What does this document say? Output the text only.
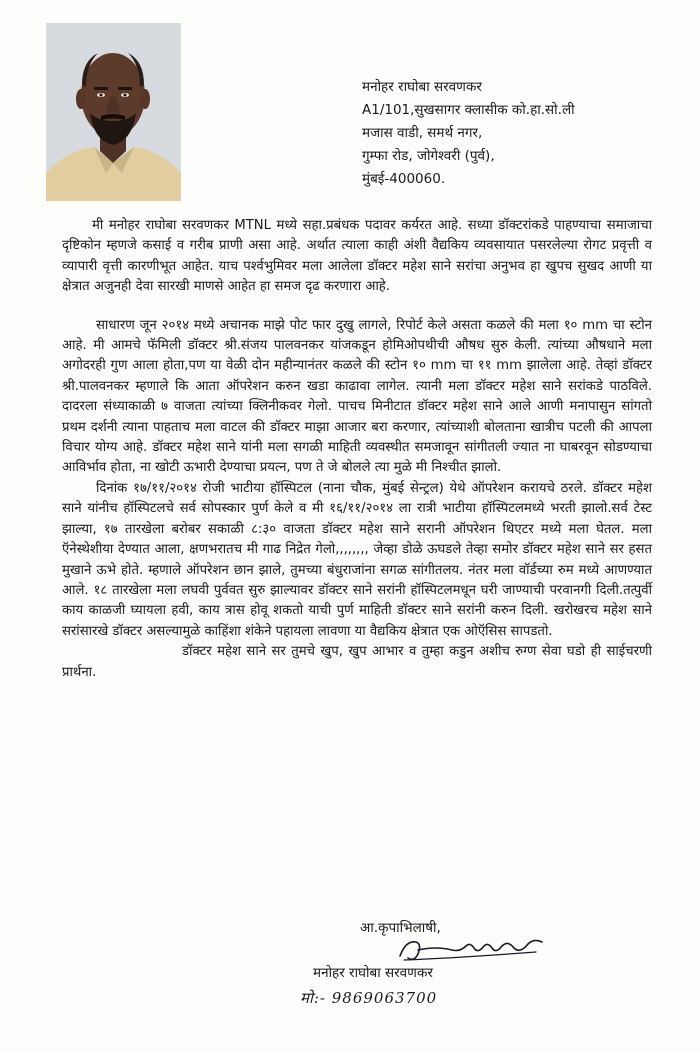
मनोहर राघोबा सरवणकर
A1/101,सुखसागर क्लासीक को.हा.सो.ली
मजास वाडी, समर्थ नगर,
गुम्फा रोड, जोगेश्वरी (पुर्व),
मुंबई-400060.

मी मनोहर राघोबा सरवणकर MTNL मध्ये सहा.प्रबंधक पदावर कर्यरत आहे. सध्या डॉक्टरांकडे पाहण्याचा समाजाचा दृष्टिकोन म्हणजे कसाई व गरीब प्राणी असा आहे. अर्थात त्याला काही अंशी वैद्यकिय व्यवसायात पसरलेल्या रोगट प्रवृत्ती व व्यापारी वृत्ती कारणीभूत आहेत. याच पर्श्वभुमिवर मला आलेला डॉक्टर महेश साने सरांचा अनुभव हा खुपच सुखद आणी या क्षेत्रात अजुनही देवा सारखी माणसे आहेत हा समज दृढ करणारा आहे.

साधारण जून २०१४ मध्ये अचानक माझे पोट फार दुखु लागले, रिपोर्ट केले असता कळले की मला १० mm चा स्टोन आहे. मी आमचे फॅमिली डॉक्टर श्री.संजय पालवनकर यांजकडून होमिओपथीची औषध सुरु केली. त्यांच्या औषधाने मला अगोदरही गुण आला होता,पण या वेळी दोन महीन्यानंतर कळले की स्टोन १० mm चा ११ mm झालेला आहे. तेव्हां डॉक्टर श्री.पालवनकर म्हणाले कि आता ऑपरेशन करुन खडा काढावा लागेल. त्यानी मला डॉक्टर महेश साने सरांकडे पाठविले. दादरला संध्याकाळी ७ वाजता त्यांच्या क्लिनीकवर गेलो. पाचच मिनीटात डॉक्टर महेश साने आले आणी मनापासुन सांगतो प्रथम दर्शनी त्याना पाहताच मला वाटल की डॉक्टर माझा आजार बरा करणार, त्यांच्याशी बोलताना खात्रीच पटली की आपला विचार योग्य आहे. डॉक्टर महेश साने यांनी मला सगळी माहिती व्यवस्थीत समजावून सांगीतली ज्यात ना घाबरवून सोडण्याचा आविर्भाव होता, ना खोटी ऊभारी देण्याचा प्रयत्न, पण ते जे बोलले त्या मुळे मी निश्चीत झालो.

दिनांक १७/११/२०१४ रोजी भाटीया हॉस्पिटल (नाना चौक, मुंबई सेन्ट्रल) येथे ऑपरेशन करायचे ठरले. डॉक्टर महेश साने यांनीच हॉस्पिटलचे सर्व सोपस्कार पुर्ण केले व मी १६/११/२०१४ ला रात्री भाटीया हॉस्पिटलमध्ये भरती झालो.सर्व टेस्ट झाल्या, १७ तारखेला बरोबर सकाळी ८:३० वाजता डॉक्टर महेश साने सरानी ऑपरेशन थिएटर मध्ये मला घेतल. मला ऍनेस्थेशीया देण्यात आला, क्षणभरातच मी गाढ निद्रेत गेलो,,,,,,,, जेव्हा डोळे ऊघडले तेव्हा समोर डॉक्टर महेश साने सर हसत मुखाने ऊभे होते. म्हणाले ऑपरेशन छान झाले, तुमच्या बंधुराजांना सगळ सांगीतलय. नंतर मला वॉर्डच्या रुम मध्ये आणण्यात आले. १८ तारखेला मला लघवी पुर्ववत सुरु झाल्यावर डॉक्टर साने सरांनी हॉस्पिटलमधून घरी जाण्याची परवानगी दिली.तत्पुर्वी काय काळजी घ्यायला हवी, काय त्रास होवू शकतो याची पुर्ण माहिती डॉक्टर साने सरांनी करुन दिली. खरोखरच महेश साने सरांसारखे डॉक्टर असल्यामुळे काहिंशा शंकेने पहायला लावणा या वैद्यकिय क्षेत्रात एक ओऍसिस सापडतो.

डॉक्टर महेश साने सर तुमचे खुप, खुप आभार व तुम्हा कडुन अशीच रुग्ण सेवा घडो ही साईचरणी प्रार्थना.

आ.कृपाभिलाषी,
मनोहर राघोबा सरवणकर
मो:- 9869063700
